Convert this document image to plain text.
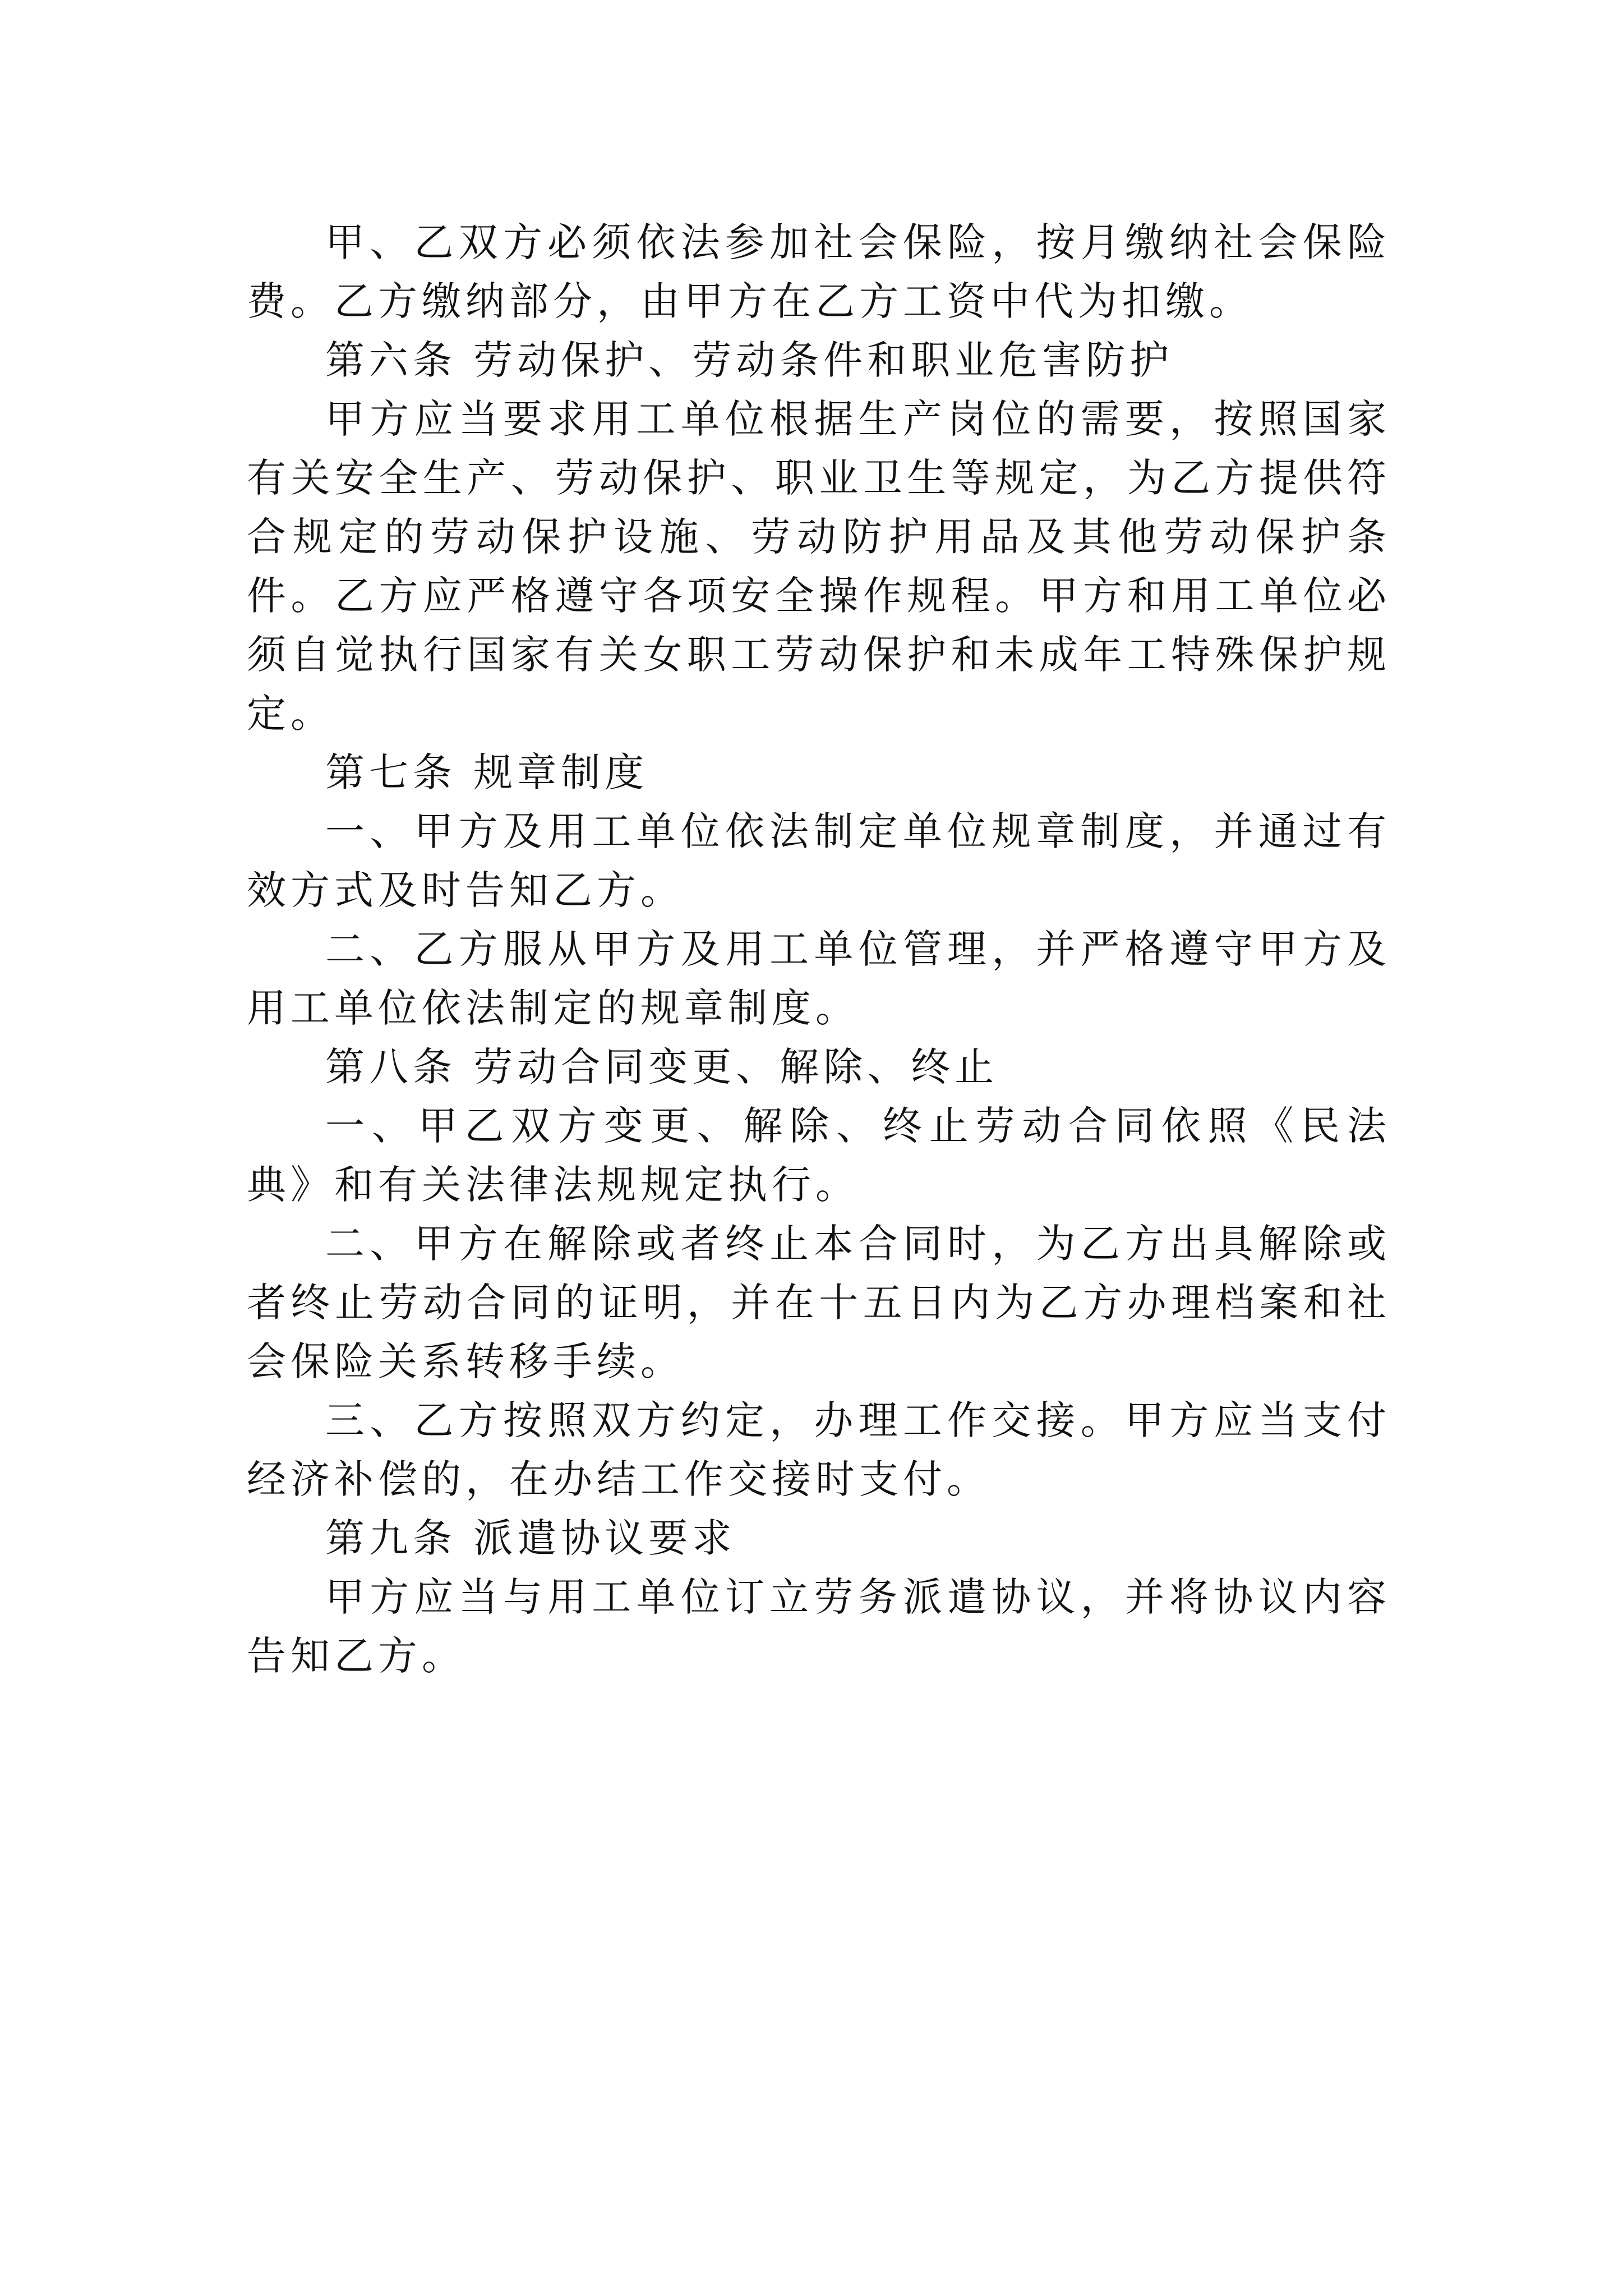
甲、乙双方必须依法参加社会保险，按月缴纳社会保险费。乙方缴纳部分，由甲方在乙方工资中代为扣缴。

第六条 劳动保护、劳动条件和职业危害防护

甲方应当要求用工单位根据生产岗位的需要，按照国家有关安全生产、劳动保护、职业卫生等规定，为乙方提供符合规定的劳动保护设施、劳动防护用品及其他劳动保护条件。乙方应严格遵守各项安全操作规程。甲方和用工单位必须自觉执行国家有关女职工劳动保护和未成年工特殊保护规定。

第七条 规章制度

一、甲方及用工单位依法制定单位规章制度，并通过有效方式及时告知乙方。

二、乙方服从甲方及用工单位管理，并严格遵守甲方及用工单位依法制定的规章制度。

第八条 劳动合同变更、解除、终止

一、甲乙双方变更、解除、终止劳动合同依照《民法典》和有关法律法规规定执行。

二、甲方在解除或者终止本合同时，为乙方出具解除或者终止劳动合同的证明，并在十五日内为乙方办理档案和社会保险关系转移手续。

三、乙方按照双方约定，办理工作交接。甲方应当支付经济补偿的，在办结工作交接时支付。

第九条 派遣协议要求

甲方应当与用工单位订立劳务派遣协议，并将协议内容告知乙方。
